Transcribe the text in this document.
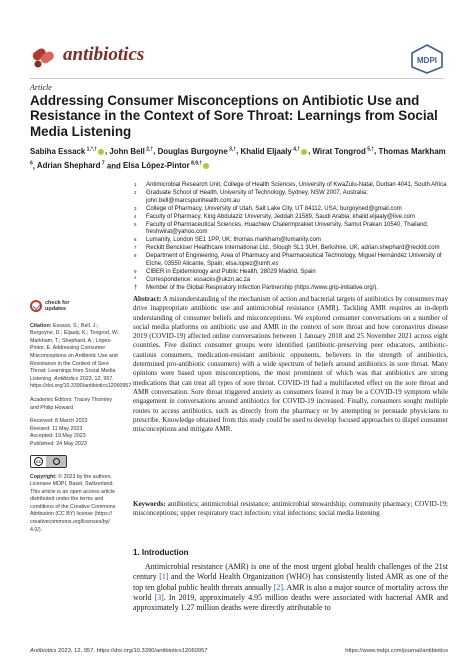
antibiotics	MDPI
Article
Addressing Consumer Misconceptions on Antibiotic Use and Resistance in the Context of Sore Throat: Learnings from Social Media Listening
Sabiha Essack $^{1,*,\dagger}$ , John Bell $^{2,\dagger}$, Douglas Burgoyne $^{3,\dagger}$, Khalid Eljaaly $^{4,\dagger}$ , Wirat Tongrod $^{5,\dagger}$, Thomas Markham $^6$, Adrian Shephard $^7$ and Elsa López-Pintor $^{8,9,\dagger}$
1 Antimicrobial Research Unit, College of Health Sciences, University of KwaZulu-Natal, Durban 4041, South Africa
2 Graduate School of Health, University of Technology, Sydney, NSW 2007, Australia; john.bell@marcspuinhealth.com.au
3 College of Pharmacy, University of Utah, Salt Lake City, UT 84112, USA; burgoyned@gmail.com
4 Faculty of Pharmacy, King Abdulaziz University, Jeddah 21589, Saudi Arabia; khalid.eljaaly@live.com
5 Faculty of Pharmaceutical Sciences, Huachiew Chalermprakiet University, Samut Prakan 10540, Thailand; freshwirat@yahoo.com
6 Lumanity, London SE1 1PP, UK; thomas.markham@lumanity.com
7 Reckitt Benckiser Healthcare International Ltd., Slough SL1 3UH, Berkshire, UK; adrian.shephard@reckitt.com
8 Department of Engineering, Area of Pharmacy and Pharmaceutical Technology, Miguel Hernández University of Elche, 03550 Alicante, Spain; elsa.lopez@umh.es
9 CIBER in Epidemiology and Public Health, 28029 Madrid, Spain
* Correspondence: essacks@ukzn.ac.za
† Member of the Global Respiratory Infection Partnership (https://www.grip-initiative.org/).
check for
updates
Citation: Essack, S.; Bell, J.; Burgoyne, D.; Eljaaly, K.; Tongrod, W.; Markham, T.; Shephard, A.; López-Pintor, E. Addressing Consumer Misconceptions on Antibiotic Use and Resistance in the Context of Sore Throat: Learnings from Social Media Listening. Antibiotics 2023, 12, 957. https://doi.org/10.3390/antibiotics12060957
Academic Editors: Tracey Thornley and Philip Howard
Received: 8 March 2023
Revised: 11 May 2023
Accepted: 19 May 2023
Published: 24 May 2023
cc
Copyright: © 2023 by the authors. Licensee MDPI, Basel, Switzerland. This article is an open access article distributed under the terms and conditions of the Creative Commons Attribution (CC BY) license (https:// creativecommons.org/licenses/by/ 4.0/).
Abstract: A misunderstanding of the mechanism of action and bacterial targets of antibiotics by consumers may drive inappropriate antibiotic use and antimicrobial resistance (AMR). Tackling AMR requires an in-depth understanding of consumer beliefs and misconceptions. We explored consumer conversations on a number of social media platforms on antibiotic use and AMR in the context of sore throat and how coronavirus disease 2019 (COVID-19) affected online conversations between 1 January 2018 and 25 November 2021 across eight countries. Five distinct consumer groups were identified (antibiotic-preserving peer educators, antibiotic-cautious consumers, medication-resistant antibiotic opponents, believers in the strength of antibiotics, determined pro-antibiotic consumers) with a wide spectrum of beliefs around antibiotics in sore throat. Many opinions were based upon misconceptions, the most prominent of which was that antibiotics are strong medications that can treat all types of sore throat. COVID-19 had a multifaceted effect on the sore throat and AMR conversation. Sore throat triggered anxiety as consumers feared it may be a COVID-19 symptom while engagement in conversations around antibiotics for COVID-19 increased. Finally, consumers sought multiple routes to access antibiotics, such as directly from the pharmacy or by attempting to persuade physicians to prescribe. Knowledge obtained from this study could be used to develop focused approaches to dispel consumer misconceptions and mitigate AMR.
Keywords: antibiotics; antimicrobial resistance; antimicrobial stewardship; community pharmacy; COVID-19; misconceptions; upper respiratory tract infection; viral infections; social media listening
1. Introduction
Antimicrobial resistance (AMR) is one of the most urgent global health challenges of the 21st century [1] and the World Health Organization (WHO) has consistently listed AMR as one of the top ten global public health threats annually [2]. AMR is also a major source of mortality across the world [3]. In 2019, approximately 4.95 million deaths were associated with bacterial AMR and approximately 1.27 million deaths were directly attributable to
Antibiotics 2023, 12, 957. https://doi.org/10.3390/antibiotics12060957	https://www.mdpi.com/journal/antibiotics
